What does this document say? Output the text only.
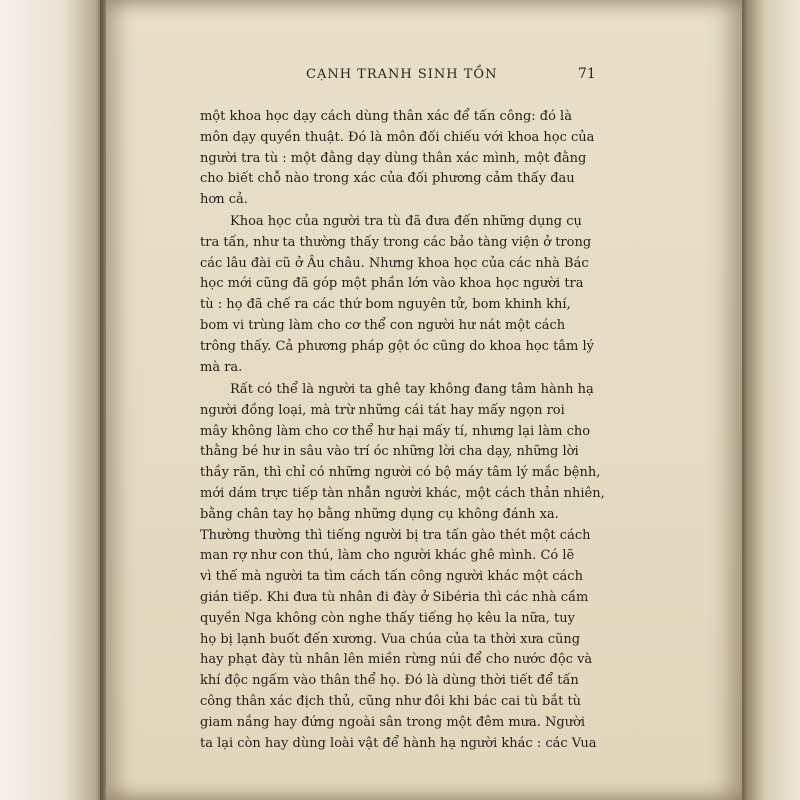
CẠNH TRANH SINH TỒN	71
một khoa học dạy cách dùng thân xác để tấn công: đó là
môn dạy quyền thuật. Đó là môn đối chiếu với khoa học của
người tra tù : một đằng dạy dùng thân xác mình, một đằng
cho biết chỗ nào trong xác của đối phương cảm thấy đau
hơn cả.
Khoa học của người tra tù đã đưa đến những dụng cụ
tra tấn, như ta thường thấy trong các bảo tàng viện ở trong
các lâu đài cũ ở Âu châu. Nhưng khoa học của các nhà Bác
học mới cũng đã góp một phần lớn vào khoa học người tra
tù : họ đã chế ra các thứ bom nguyên tử, bom khinh khí,
bom vi trùng làm cho cơ thể con người hư nát một cách
trông thấy. Cả phương pháp gột óc cũng do khoa học tâm lý
mà ra.
Rất có thể là người ta ghê tay không đang tâm hành hạ
người đồng loại, mà trừ những cái tát hay mấy ngọn roi
mây không làm cho cơ thể hư hại mấy tí, nhưng lại làm cho
thằng bé hư in sâu vào trí óc những lời cha dạy, những lời
thầy răn, thì chỉ có những người có bộ máy tâm lý mắc bệnh,
mới dám trực tiếp tàn nhẫn người khác, một cách thản nhiên,
bằng chân tay họ bằng những dụng cụ không đánh xa.
Thường thường thì tiếng người bị tra tấn gào thét một cách
man rợ như con thú, làm cho người khác ghê mình. Có lẽ
vì thế mà người ta tìm cách tấn công người khác một cách
gián tiếp. Khi đưa tù nhân đi đày ở Sibéria thì các nhà cầm
quyền Nga không còn nghe thấy tiếng họ kêu la nữa, tuy
họ bị lạnh buốt đến xương. Vua chúa của ta thời xưa cũng
hay phạt đày tù nhân lên miền rừng núi để cho nước độc và
khí độc ngấm vào thân thể họ. Đó là dùng thời tiết để tấn
công thân xác địch thủ, cũng như đôi khi bác cai tù bắt tù
giam nắng hay đứng ngoài sân trong một đêm mưa. Người
ta lại còn hay dùng loài vật để hành hạ người khác : các Vua
